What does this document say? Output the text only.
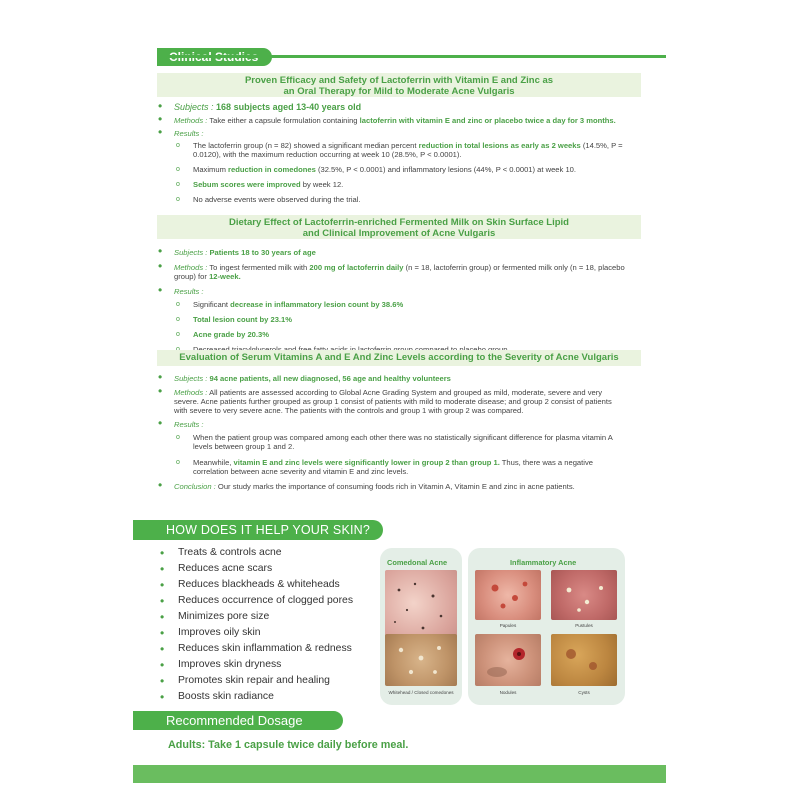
Proven Efficacy and Safety of Lactoferrin with Vitamin E and Zinc as
an Oral Therapy for Mild to Moderate Acne Vulgaris
• Subjects : 168 subjects aged 13-40 years old
• Methods : Take either a capsule formulation containing lactoferrin with vitamin E and zinc or placebo twice a day for 3 months.
• Results :
o The lactoferrin group (n = 82) showed a significant median percent reduction in total lesions as early as 2 weeks (14.5%, P = 0.0120), with the maximum reduction occurring at week 10 (28.5%, P < 0.0001).
o Maximum reduction in comedones (32.5%, P < 0.0001) and inflammatory lesions (44%, P < 0.0001) at week 10.
o Sebum scores were improved by week 12.
o No adverse events were observed during the trial.
Dietary Effect of Lactoferrin-enriched Fermented Milk on Skin Surface Lipid
and Clinical Improvement of Acne Vulgaris
• Subjects : Patients 18 to 30 years of age
• Methods : To ingest fermented milk with 200 mg of lactoferrin daily (n = 18, lactoferrin group) or fermented milk only (n = 18, placebo group) for 12-week.
• Results :
o Significant decrease in inflammatory lesion count by 38.6%
o Total lesion count by 23.1%
o Acne grade by 20.3%
o
Evaluation of Serum Vitamins A and E And Zinc Levels according to the Severity of Acne Vulgaris
• Subjects : 94 acne patients, all new diagnosed, 56 age and healthy volunteers
• Methods : All patients are assessed according to Global Acne Grading System and grouped as mild, moderate, severe and very severe. Acne patients further grouped as group 1 consist of patients with mild to moderate disease; and group 2 consist of patients with severe to very severe acne. The patients with the controls and group 1 with group 2 was compared.
• Results :
o When the patient group was compared among each other there was no statistically significant difference for plasma vitamin A levels between group 1 and 2.
o Meanwhile, vitamin E and zinc levels were significantly lower in group 2 than group 1. Thus, there was a negative correlation between acne severity and vitamin E and zinc levels.
• Conclusion : Our study marks the importance of consuming foods rich in Vitamin A, Vitamin E and zinc in acne patients.
HOW DOES IT HELP YOUR SKIN?
• Treats & controls acne
• Reduces acne scars
• Reduces blackheads & whiteheads
• Reduces occurrence of clogged pores
• Minimizes pore size
• Improves oily skin
• Reduces skin inflammation & redness
• Improves skin dryness
• Promotes skin repair and healing
• Boosts skin radiance
Comedonal Acne	Inflammatory Acne
Papules	Pustules
Nodules	Cysts
Whitehead / Closed comedones
Recommended Dosage
Adults: Take 1 capsule twice daily before meal.
